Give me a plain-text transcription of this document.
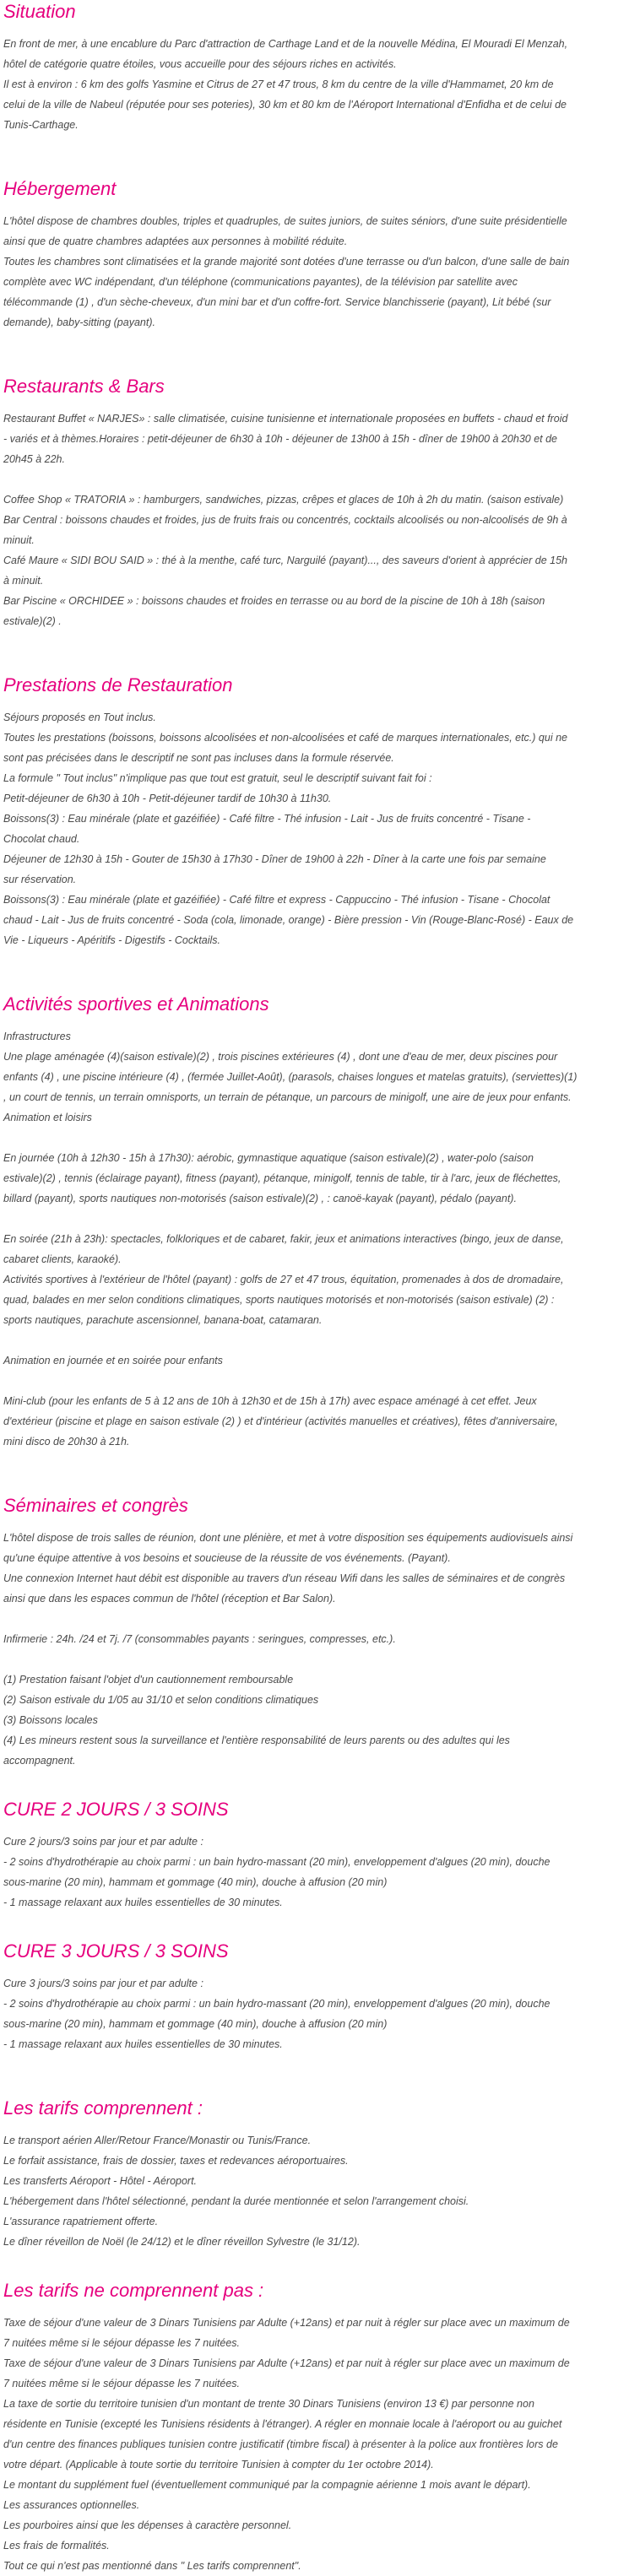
Situation

En front de mer, à une encablure du Parc d'attraction de Carthage Land et de la nouvelle Médina, El Mouradi El Menzah,

hôtel de catégorie quatre étoiles, vous accueille pour des séjours riches en activités.

Il est à environ : 6 km des golfs Yasmine et Citrus de 27 et 47 trous, 8 km du centre de la ville d'Hammamet, 20 km de

celui de la ville de Nabeul (réputée pour ses poteries), 30 km et 80 km de l'Aéroport International d'Enfidha et de celui de

Tunis-Carthage.

Hébergement

L'hôtel dispose de chambres doubles, triples et quadruples, de suites juniors, de suites séniors, d'une suite présidentielle

ainsi que de quatre chambres adaptées aux personnes à mobilité réduite.

Toutes les chambres sont climatisées et la grande majorité sont dotées d'une terrasse ou d'un balcon, d'une salle de bain

complète avec WC indépendant, d'un téléphone (communications payantes), de la télévision par satellite avec

télécommande (1) , d'un sèche-cheveux, d'un mini bar et d'un coffre-fort. Service blanchisserie (payant), Lit bébé (sur

demande), baby-sitting (payant).

Restaurants & Bars

Restaurant Buffet « NARJES» : salle climatisée, cuisine tunisienne et internationale proposées en buffets - chaud et froid

- variés et à thèmes.Horaires : petit-déjeuner de 6h30 à 10h - déjeuner de 13h00 à 15h - dîner de 19h00 à 20h30 et de

20h45 à 22h.

Coffee Shop « TRATORIA » : hamburgers, sandwiches, pizzas, crêpes et glaces de 10h à 2h du matin. (saison estivale)

Bar Central : boissons chaudes et froides, jus de fruits frais ou concentrés, cocktails alcoolisés ou non-alcoolisés de 9h à

minuit.

Café Maure « SIDI BOU SAID » : thé à la menthe, café turc, Narguilé (payant)..., des saveurs d'orient à apprécier de 15h

à minuit.

Bar Piscine « ORCHIDEE » : boissons chaudes et froides en terrasse ou au bord de la piscine de 10h à 18h (saison

estivale)(2) .

Prestations de Restauration

Séjours proposés en Tout inclus.

Toutes les prestations (boissons, boissons alcoolisées et non-alcoolisées et café de marques internationales, etc.) qui ne

sont pas précisées dans le descriptif ne sont pas incluses dans la formule réservée.

La formule " Tout inclus" n'implique pas que tout est gratuit, seul le descriptif suivant fait foi :

Petit-déjeuner de 6h30 à 10h - Petit-déjeuner tardif de 10h30 à 11h30.

Boissons(3) : Eau minérale (plate et gazéifiée) - Café filtre - Thé infusion - Lait - Jus de fruits concentré - Tisane -

Chocolat chaud.

Déjeuner de 12h30 à 15h - Gouter de 15h30 à 17h30 - Dîner de 19h00 à 22h - Dîner à la carte une fois par semaine

sur réservation.

Boissons(3) : Eau minérale (plate et gazéifiée) - Café filtre et express - Cappuccino - Thé infusion - Tisane - Chocolat

chaud - Lait - Jus de fruits concentré - Soda (cola, limonade, orange) - Bière pression - Vin (Rouge-Blanc-Rosé) - Eaux de

Vie - Liqueurs - Apéritifs - Digestifs - Cocktails.

Activités sportives et Animations

Infrastructures

Une plage aménagée (4)(saison estivale)(2) , trois piscines extérieures (4) , dont une d'eau de mer, deux piscines pour

enfants (4) , une piscine intérieure (4) , (fermée Juillet-Août), (parasols, chaises longues et matelas gratuits), (serviettes)(1)

, un court de tennis, un terrain omnisports, un terrain de pétanque, un parcours de minigolf, une aire de jeux pour enfants.

Animation et loisirs

En journée (10h à 12h30 - 15h à 17h30): aérobic, gymnastique aquatique (saison estivale)(2) , water-polo (saison

estivale)(2) , tennis (éclairage payant), fitness (payant), pétanque, minigolf, tennis de table, tir à l'arc, jeux de fléchettes,

billard (payant), sports nautiques non-motorisés (saison estivale)(2) , : canoë-kayak (payant), pédalo (payant).

En soirée (21h à 23h): spectacles, folkloriques et de cabaret, fakir, jeux et animations interactives (bingo, jeux de danse,

cabaret clients, karaoké).

Activités sportives à l'extérieur de l'hôtel (payant) : golfs de 27 et 47 trous, équitation, promenades à dos de dromadaire,

quad, balades en mer selon conditions climatiques, sports nautiques motorisés et non-motorisés (saison estivale) (2) :

sports nautiques, parachute ascensionnel, banana-boat, catamaran.

Animation en journée et en soirée pour enfants

Mini-club (pour les enfants de 5 à 12 ans de 10h à 12h30 et de 15h à 17h) avec espace aménagé à cet effet. Jeux

d'extérieur (piscine et plage en saison estivale (2) ) et d'intérieur (activités manuelles et créatives), fêtes d'anniversaire,

mini disco de 20h30 à 21h.

Séminaires et congrès

L'hôtel dispose de trois salles de réunion, dont une plénière, et met à votre disposition ses équipements audiovisuels ainsi

qu'une équipe attentive à vos besoins et soucieuse de la réussite de vos événements. (Payant).

Une connexion Internet haut débit est disponible au travers d'un réseau Wifi dans les salles de séminaires et de congrès

ainsi que dans les espaces commun de l'hôtel (réception et Bar Salon).

Infirmerie : 24h. /24 et 7j. /7 (consommables payants : seringues, compresses, etc.).

(1) Prestation faisant l'objet d'un cautionnement remboursable

(2) Saison estivale du 1/05 au 31/10 et selon conditions climatiques

(3) Boissons locales

(4) Les mineurs restent sous la surveillance et l'entière responsabilité de leurs parents ou des adultes qui les

accompagnent.

CURE 2 JOURS / 3 SOINS

Cure 2 jours/3 soins par jour et par adulte :

- 2 soins d'hydrothérapie au choix parmi : un bain hydro-massant (20 min), enveloppement d'algues (20 min), douche

sous-marine (20 min), hammam et gommage (40 min), douche à affusion (20 min)

- 1 massage relaxant aux huiles essentielles de 30 minutes.

CURE 3 JOURS / 3 SOINS

Cure 3 jours/3 soins par jour et par adulte :

- 2 soins d'hydrothérapie au choix parmi : un bain hydro-massant (20 min), enveloppement d'algues (20 min), douche

sous-marine (20 min), hammam et gommage (40 min), douche à affusion (20 min)

- 1 massage relaxant aux huiles essentielles de 30 minutes.

Les tarifs comprennent :

Le transport aérien Aller/Retour France/Monastir ou Tunis/France.

Le forfait assistance, frais de dossier, taxes et redevances aéroportuaires.

Les transferts Aéroport - Hôtel - Aéroport.

L'hébergement dans l'hôtel sélectionné, pendant la durée mentionnée et selon l'arrangement choisi.

L'assurance rapatriement offerte.

Le dîner réveillon de Noël (le 24/12) et le dîner réveillon Sylvestre (le 31/12).

Les tarifs ne comprennent pas :

Taxe de séjour d'une valeur de 3 Dinars Tunisiens par Adulte (+12ans) et par nuit à régler sur place avec un maximum de

7 nuitées même si le séjour dépasse les 7 nuitées.

Taxe de séjour d'une valeur de 3 Dinars Tunisiens par Adulte (+12ans) et par nuit à régler sur place avec un maximum de

7 nuitées même si le séjour dépasse les 7 nuitées.

La taxe de sortie du territoire tunisien d'un montant de trente 30 Dinars Tunisiens (environ 13 €) par personne non

résidente en Tunisie (excepté les Tunisiens résidents à l'étranger). A régler en monnaie locale à l'aéroport ou au guichet

d'un centre des finances publiques tunisien contre justificatif (timbre fiscal) à présenter à la police aux frontières lors de

votre départ. (Applicable à toute sortie du territoire Tunisien à compter du 1er octobre 2014).

Le montant du supplément fuel (éventuellement communiqué par la compagnie aérienne 1 mois avant le départ).

Les assurances optionnelles.

Les pourboires ainsi que les dépenses à caractère personnel.

Les frais de formalités.

Tout ce qui n'est pas mentionné dans " Les tarifs comprennent".
